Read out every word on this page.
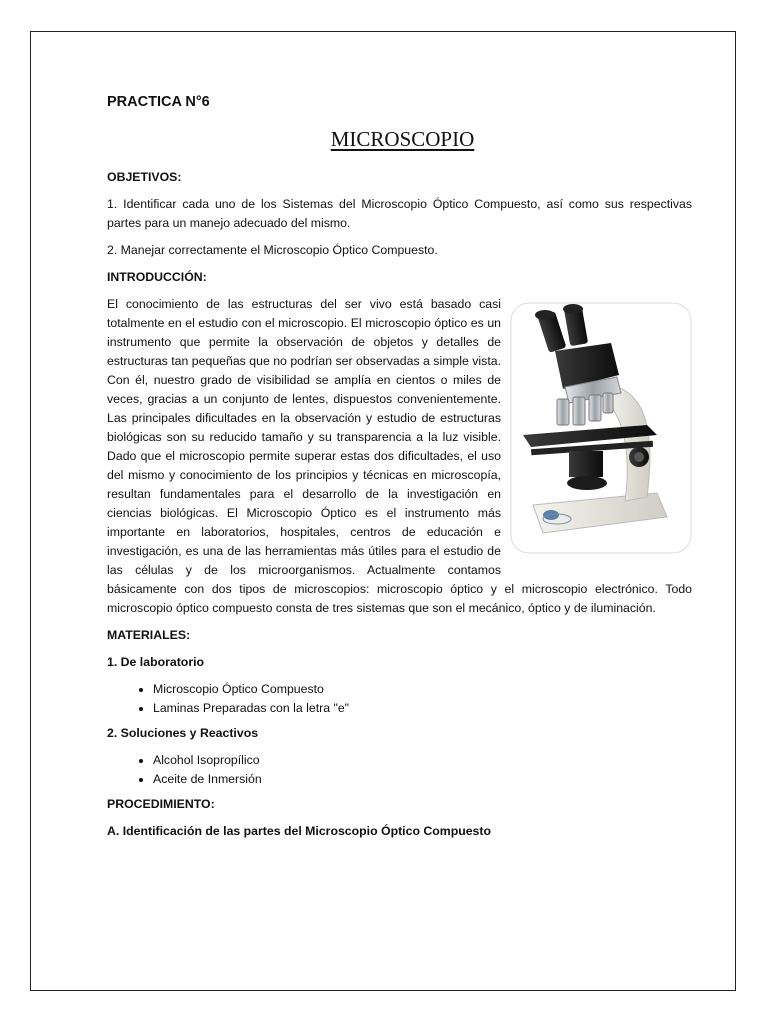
PRACTICA N°6
MICROSCOPIO
OBJETIVOS:

1. Identificar cada uno de los Sistemas del Microscopio Óptico Compuesto, así como sus respectivas partes para un manejo adecuado del mismo.

2. Manejar correctamente el Microscopio Óptico Compuesto.

INTRODUCCIÓN:

El conocimiento de las estructuras del ser vivo está basado casi totalmente en el estudio con el microscopio. El microscopio óptico es un instrumento que permite la observación de objetos y detalles de estructuras tan pequeñas que no podrían ser observadas a simple vista. Con él, nuestro grado de visibilidad se amplía en cientos o miles de veces, gracias a un conjunto de lentes, dispuestos convenientemente. Las principales dificultades en la observación y estudio de estructuras biológicas son su reducido tamaño y su transparencia a la luz visible. Dado que el microscopio permite superar estas dos dificultades, el uso del mismo y conocimiento de los principios y técnicas en microscopía, resultan fundamentales para el desarrollo de la investigación en ciencias biológicas. El Microscopio Óptico es el instrumento más importante en laboratorios, hospitales, centros de educación e investigación, es una de las herramientas más útiles para el estudio de las células y de los microorganismos. Actualmente contamos básicamente con dos tipos de microscopios: microscopio óptico y el microscopio electrónico. Todo microscopio óptico compuesto consta de tres sistemas que son el mecánico, óptico y de iluminación.

MATERIALES:
1. De laboratorio
• Microscopio Óptico Compuesto
• Laminas Preparadas con la letra "e"
2. Soluciones y Reactivos
• Alcohol Isopropílico
• Aceite de Inmersión
PROCEDIMIENTO:
A. Identificación de las partes del Microscopio Óptico Compuesto
